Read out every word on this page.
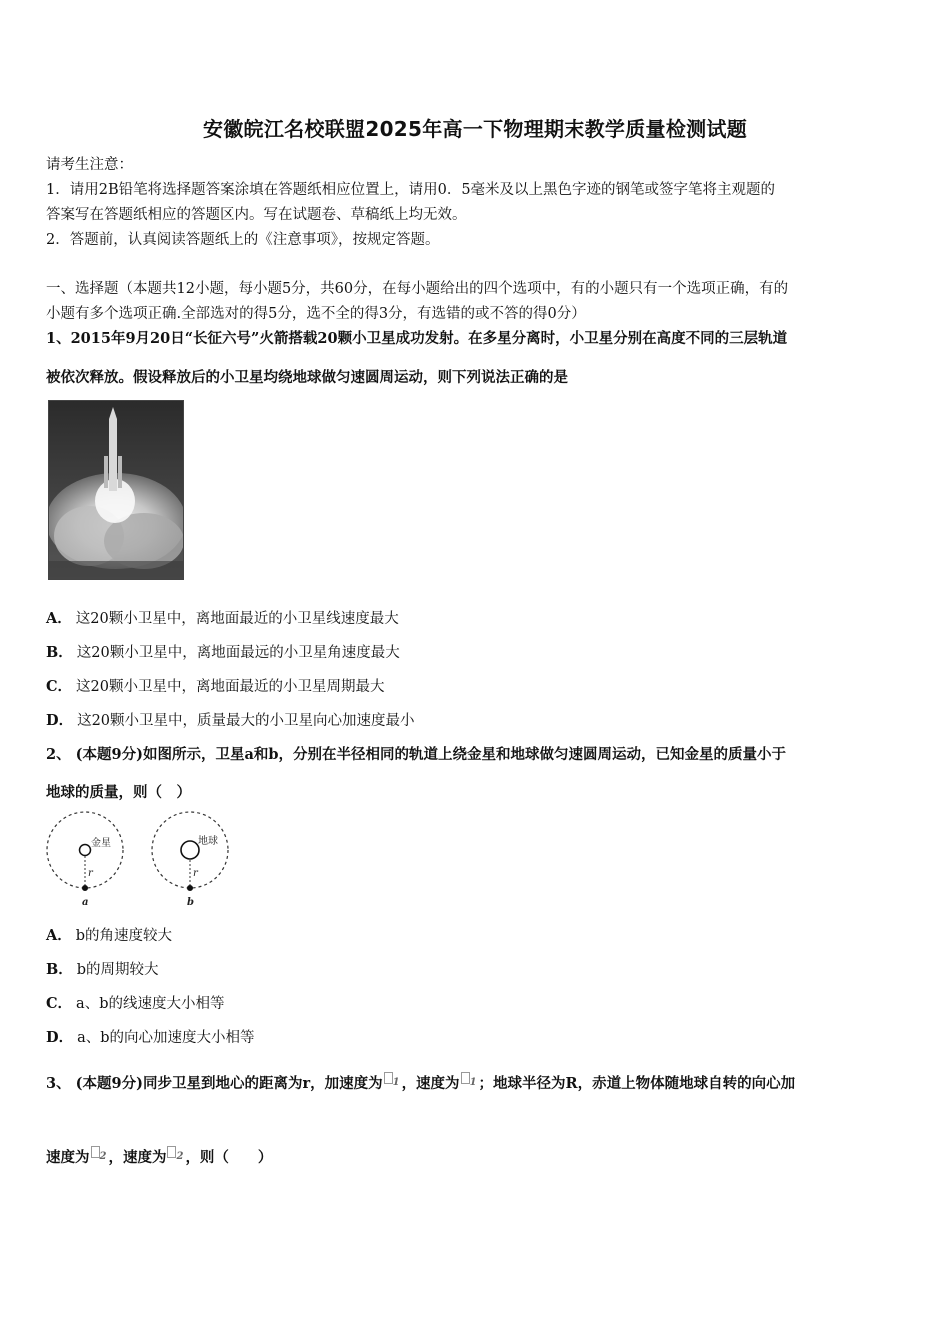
安徽皖江名校联盟2025年高一下物理期末教学质量检测试题
请考生注意：
1．请用2B铅笔将选择题答案涂填在答题纸相应位置上，请用0．5毫米及以上黑色字迹的钢笔或签字笔将主观题的
答案写在答题纸相应的答题区内。写在试题卷、草稿纸上均无效。
2．答题前，认真阅读答题纸上的《注意事项》，按规定答题。
一、选择题（本题共12小题，每小题5分，共60分，在每小题给出的四个选项中，有的小题只有一个选项正确，有的
小题有多个选项正确.全部选对的得5分，选不全的得3分，有选错的或不答的得0分）
1、2015年9月20日“长征六号”火箭搭载20颗小卫星成功发射。在多星分离时，小卫星分别在高度不同的三层轨道
被依次释放。假设释放后的小卫星均绕地球做匀速圆周运动，则下列说法正确的是
A． 这20颗小卫星中，离地面最近的小卫星线速度最大
B． 这20颗小卫星中，离地面最远的小卫星角速度最大
C． 这20颗小卫星中，离地面最近的小卫星周期最大
D． 这20颗小卫星中，质量最大的小卫星向心加速度最小
2、 (本题9分)如图所示，卫星a和b，分别在半径相同的轨道上绕金星和地球做匀速圆周运动，已知金星的质量小于
地球的质量，则（　）
金星
r
a
地球
r
b
A． b的角速度较大
B． b的周期较大
C． a、b的线速度大小相等
D． a、b的向心加速度大小相等
3、 (本题9分)同步卫星到地心的距离为r，加速度为 $^1$ ，速度为 $^1$ ；地球半径为R，赤道上物体随地球自转的向心加
速度为 $^2$ ，速度为 $^2$ ，则（　　）
